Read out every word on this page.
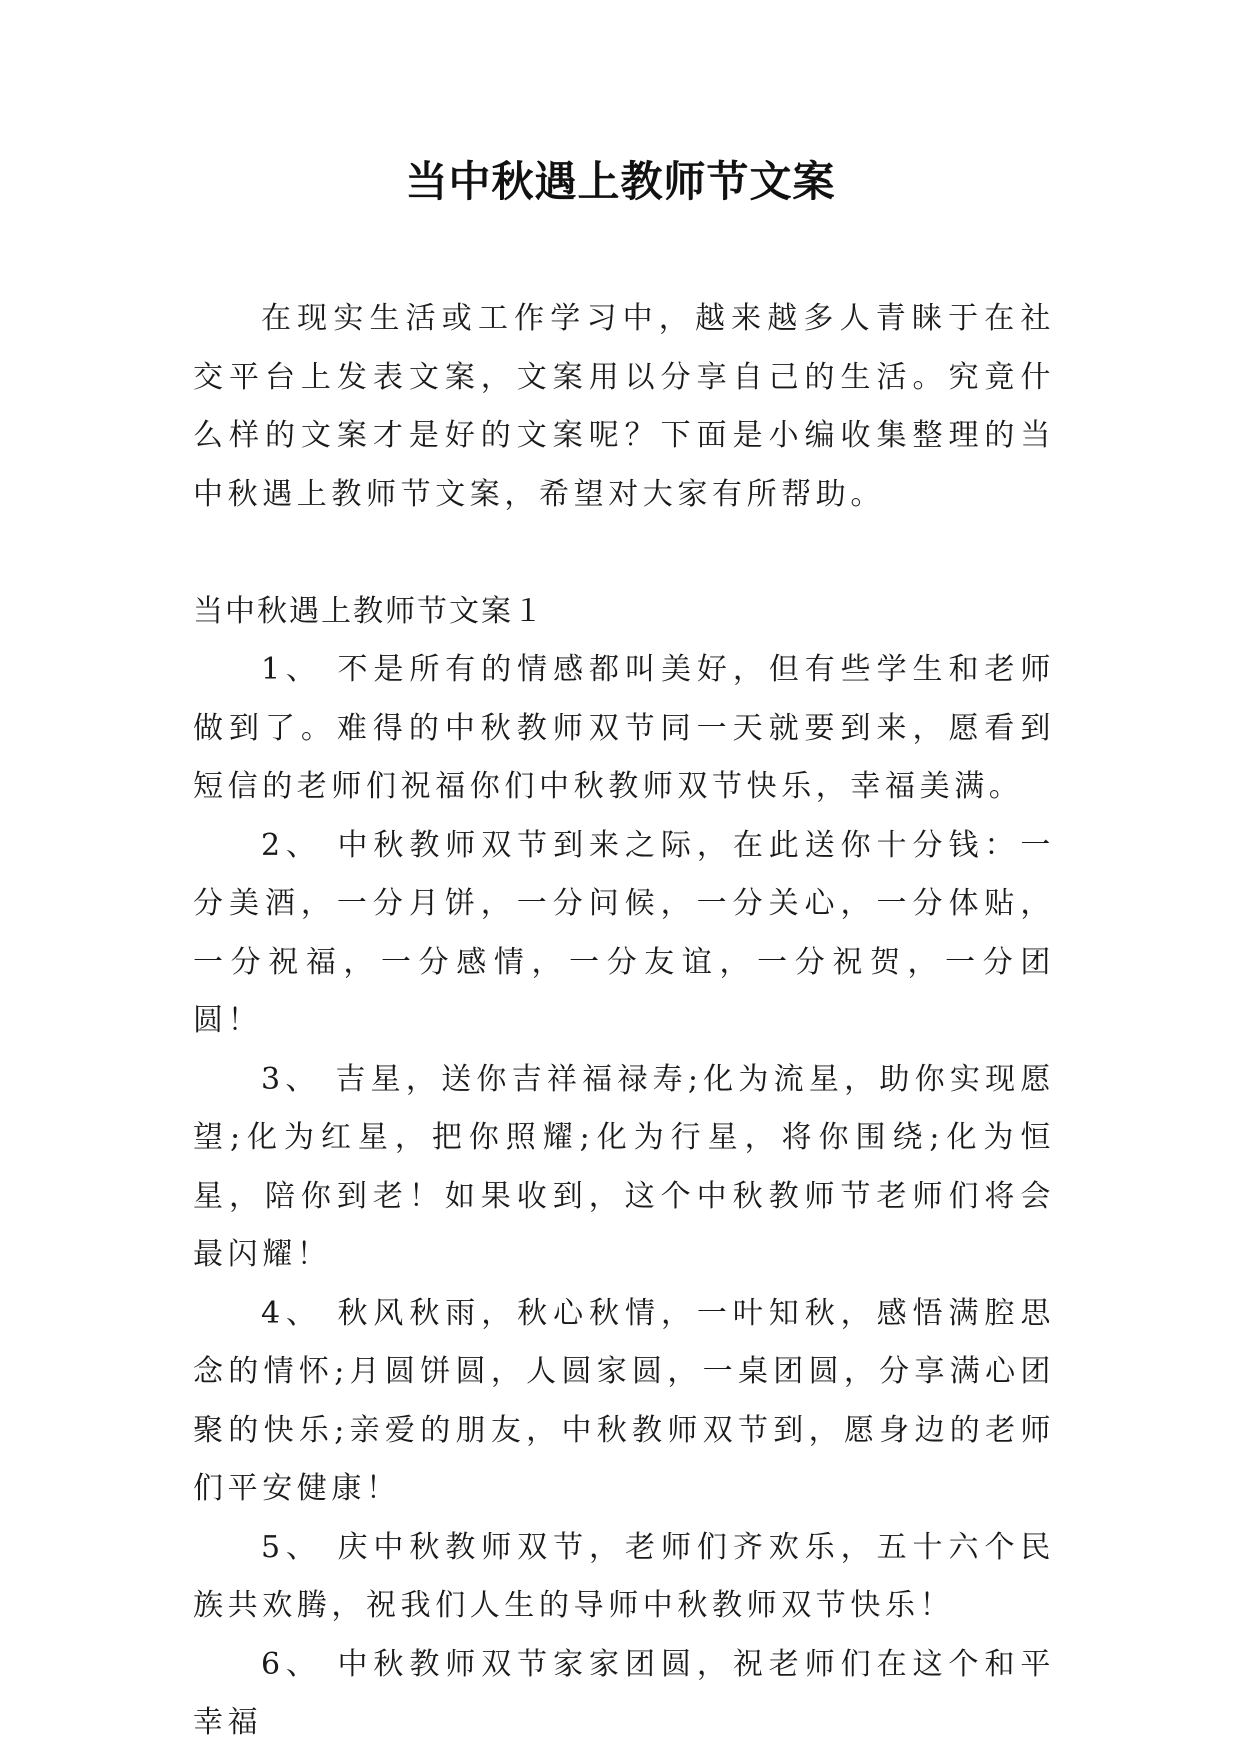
当中秋遇上教师节文案

在现实生活或工作学习中，越来越多人青睐于在社交平台上发表文案，文案用以分享自己的生活。究竟什么样的文案才是好的文案呢？下面是小编收集整理的当中秋遇上教师节文案，希望对大家有所帮助。

当中秋遇上教师节文案１

1、 不是所有的情感都叫美好，但有些学生和老师做到了。难得的中秋教师双节同一天就要到来，愿看到短信的老师们祝福你们中秋教师双节快乐，幸福美满。

2、 中秋教师双节到来之际，在此送你十分钱：一分美酒，一分月饼，一分问候，一分关心，一分体贴，一分祝福，一分感情，一分友谊，一分祝贺，一分团圆！

3、 吉星，送你吉祥福禄寿;化为流星，助你实现愿望;化为红星，把你照耀;化为行星，将你围绕;化为恒星，陪你到老！如果收到，这个中秋教师节老师们将会最闪耀！

4、 秋风秋雨，秋心秋情，一叶知秋，感悟满腔思念的情怀;月圆饼圆，人圆家圆，一桌团圆，分享满心团聚的快乐;亲爱的朋友，中秋教师双节到，愿身边的老师们平安健康！

5、 庆中秋教师双节，老师们齐欢乐，五十六个民族共欢腾，祝我们人生的导师中秋教师双节快乐！

6、 中秋教师双节家家团圆，祝老师们在这个和平幸福
